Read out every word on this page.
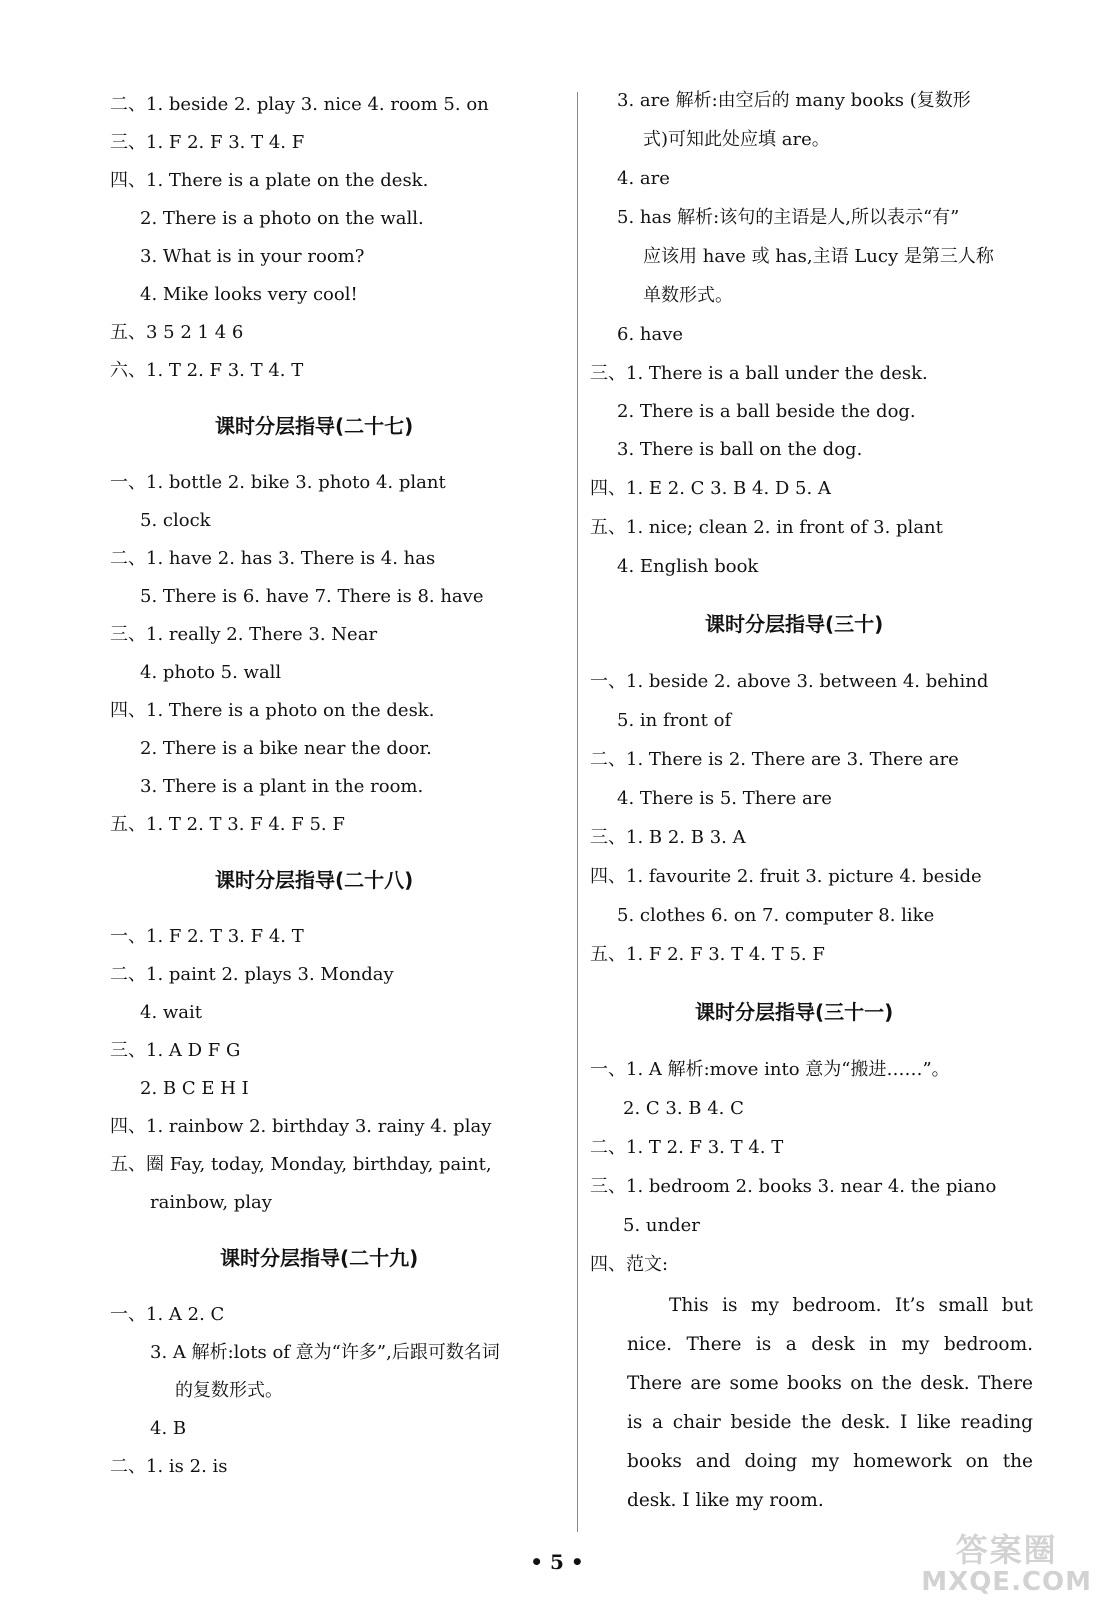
二、1. beside 2. play 3. nice 4. room 5. on

三、1. F 2. F 3. T 4. F

四、1. There is a plate on the desk.

2. There is a photo on the wall.

3. What is in your room?

4. Mike looks very cool!

五、3 5 2 1 4 6

六、1. T 2. F 3. T 4. T

课时分层指导(二十七)

一、1. bottle 2. bike 3. photo 4. plant

5. clock

二、1. have 2. has 3. There is 4. has

5. There is 6. have 7. There is 8. have

三、1. really 2. There 3. Near

4. photo 5. wall

四、1. There is a photo on the desk.

2. There is a bike near the door.

3. There is a plant in the room.

五、1. T 2. T 3. F 4. F 5. F

课时分层指导(二十八)

一、1. F 2. T 3. F 4. T

二、1. paint 2. plays 3. Monday

4. wait

三、1. A D F G

2. B C E H I

四、1. rainbow 2. birthday 3. rainy 4. play

五、圈 Fay, today, Monday, birthday, paint,

rainbow, play

课时分层指导(二十九)

一、1. A 2. C

3. A 解析:lots of 意为“许多”,后跟可数名词

的复数形式。

4. B

二、1. is 2. is

3. are 解析:由空后的 many books (复数形

式)可知此处应填 are。

4. are

5. has 解析:该句的主语是人,所以表示“有”

应该用 have 或 has,主语 Lucy 是第三人称

单数形式。

6. have

三、1. There is a ball under the desk.

2. There is a ball beside the dog.

3. There is ball on the dog.

四、1. E 2. C 3. B 4. D 5. A

五、1. nice; clean 2. in front of 3. plant

4. English book

课时分层指导(三十)

一、1. beside 2. above 3. between 4. behind

5. in front of

二、1. There is 2. There are 3. There are

4. There is 5. There are

三、1. B 2. B 3. A

四、1. favourite 2. fruit 3. picture 4. beside

5. clothes 6. on 7. computer 8. like

五、1. F 2. F 3. T 4. T 5. F

课时分层指导(三十一)

一、1. A 解析:move into 意为“搬进……”。

2. C 3. B 4. C

二、1. T 2. F 3. T 4. T

三、1. bedroom 2. books 3. near 4. the piano

5. under

四、范文:

This is my bedroom. It’s small but nice. There is a desk in my bedroom. There are some books on the desk. There is a chair beside the desk. I like reading books and doing my homework on the desk. I like my room.

• 5 •	答案圈
MXQE.COM
